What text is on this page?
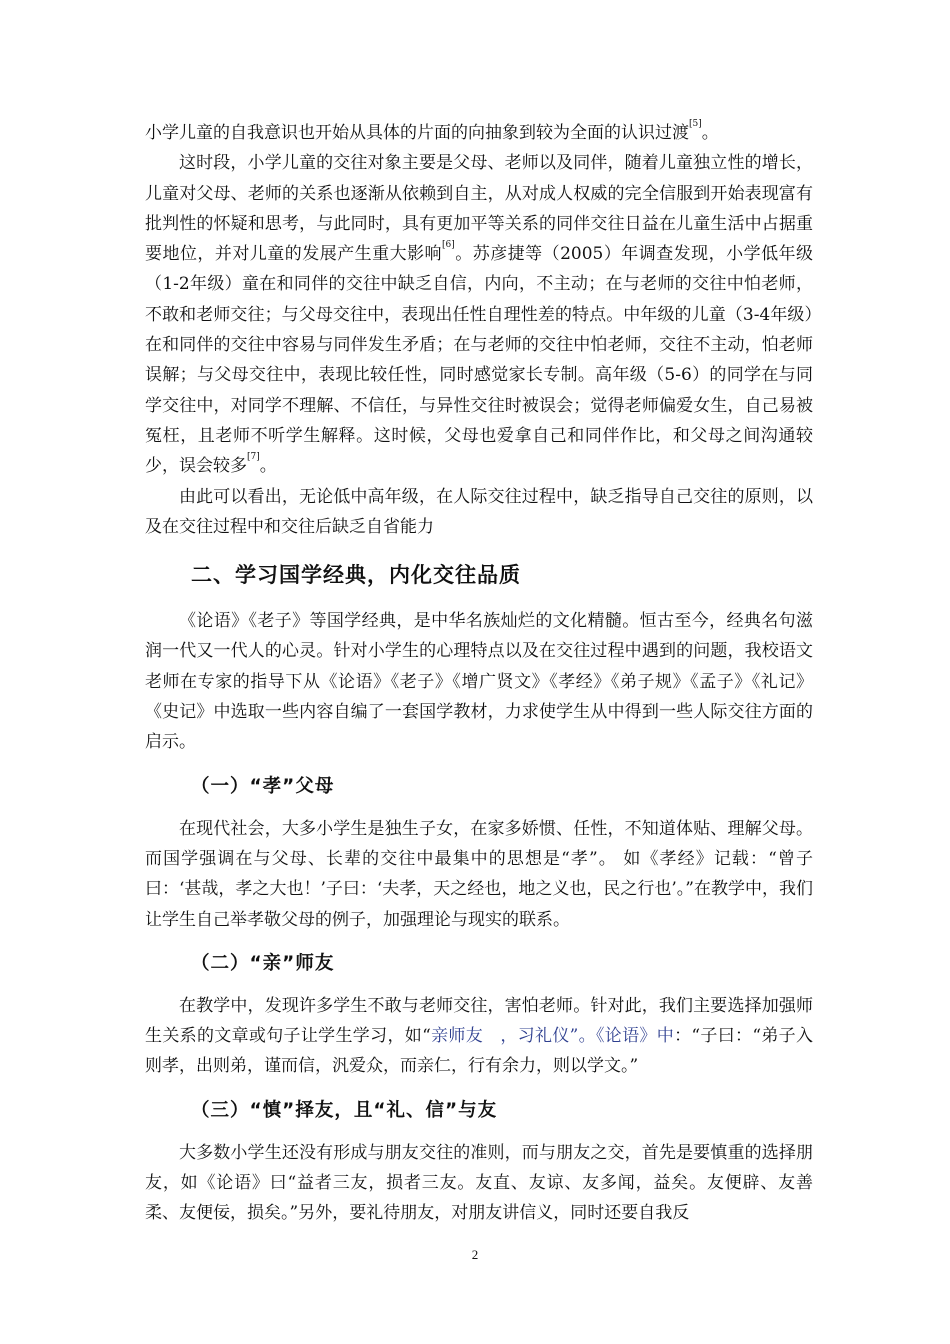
小学儿童的自我意识也开始从具体的片面的向抽象到较为全面的认识过渡[5]。

这时段，小学儿童的交往对象主要是父母、老师以及同伴，随着儿童独立性的增长，儿童对父母、老师的关系也逐渐从依赖到自主，从对成人权威的完全信服到开始表现富有批判性的怀疑和思考，与此同时，具有更加平等关系的同伴交往日益在儿童生活中占据重要地位，并对儿童的发展产生重大影响[6]。苏彦捷等（2005）年调查发现，小学低年级（1-2年级）童在和同伴的交往中缺乏自信，内向，不主动；在与老师的交往中怕老师，不敢和老师交往；与父母交往中，表现出任性自理性差的特点。中年级的儿童（3-4年级）在和同伴的交往中容易与同伴发生矛盾；在与老师的交往中怕老师，交往不主动，怕老师误解；与父母交往中，表现比较任性，同时感觉家长专制。高年级（5-6）的同学在与同学交往中，对同学不理解、不信任，与异性交往时被误会；觉得老师偏爱女生，自己易被冤枉，且老师不听学生解释。这时候，父母也爱拿自己和同伴作比，和父母之间沟通较少，误会较多[7]。

由此可以看出，无论低中高年级，在人际交往过程中，缺乏指导自己交往的原则，以及在交往过程中和交往后缺乏自省能力

二、学习国学经典，内化交往品质

《论语》《老子》等国学经典，是中华名族灿烂的文化精髓。恒古至今，经典名句滋润一代又一代人的心灵。针对小学生的心理特点以及在交往过程中遇到的问题，我校语文老师在专家的指导下从《论语》《老子》《增广贤文》《孝经》《弟子规》《孟子》《礼记》《史记》中选取一些内容自编了一套国学教材，力求使学生从中得到一些人际交往方面的启示。

（一）“孝”父母

在现代社会，大多小学生是独生子女，在家多娇惯、任性，不知道体贴、理解父母。而国学强调在与父母、长辈的交往中最集中的思想是“孝”。 如《孝经》记载：“曾子曰：‘甚哉，孝之大也！’子曰：‘夫孝，天之经也，地之义也，民之行也’。”在教学中，我们让学生自己举孝敬父母的例子，加强理论与现实的联系。

（二）“亲”师友

在教学中，发现许多学生不敢与老师交往，害怕老师。针对此，我们主要选择加强师生关系的文章或句子让学生学习，如“亲师友　，习礼仪”。《论语》中：“子曰：“弟子入则孝，出则弟，谨而信，汎爱众，而亲仁，行有余力，则以学文。”

（三）“慎”择友，且“礼、信”与友

大多数小学生还没有形成与朋友交往的准则，而与朋友之交，首先是要慎重的选择朋友，如《论语》曰“益者三友，损者三友。友直、友谅、友多闻，益矣。友便辟、友善柔、友便佞，损矣。”另外，要礼待朋友，对朋友讲信义，同时还要自我反

2
